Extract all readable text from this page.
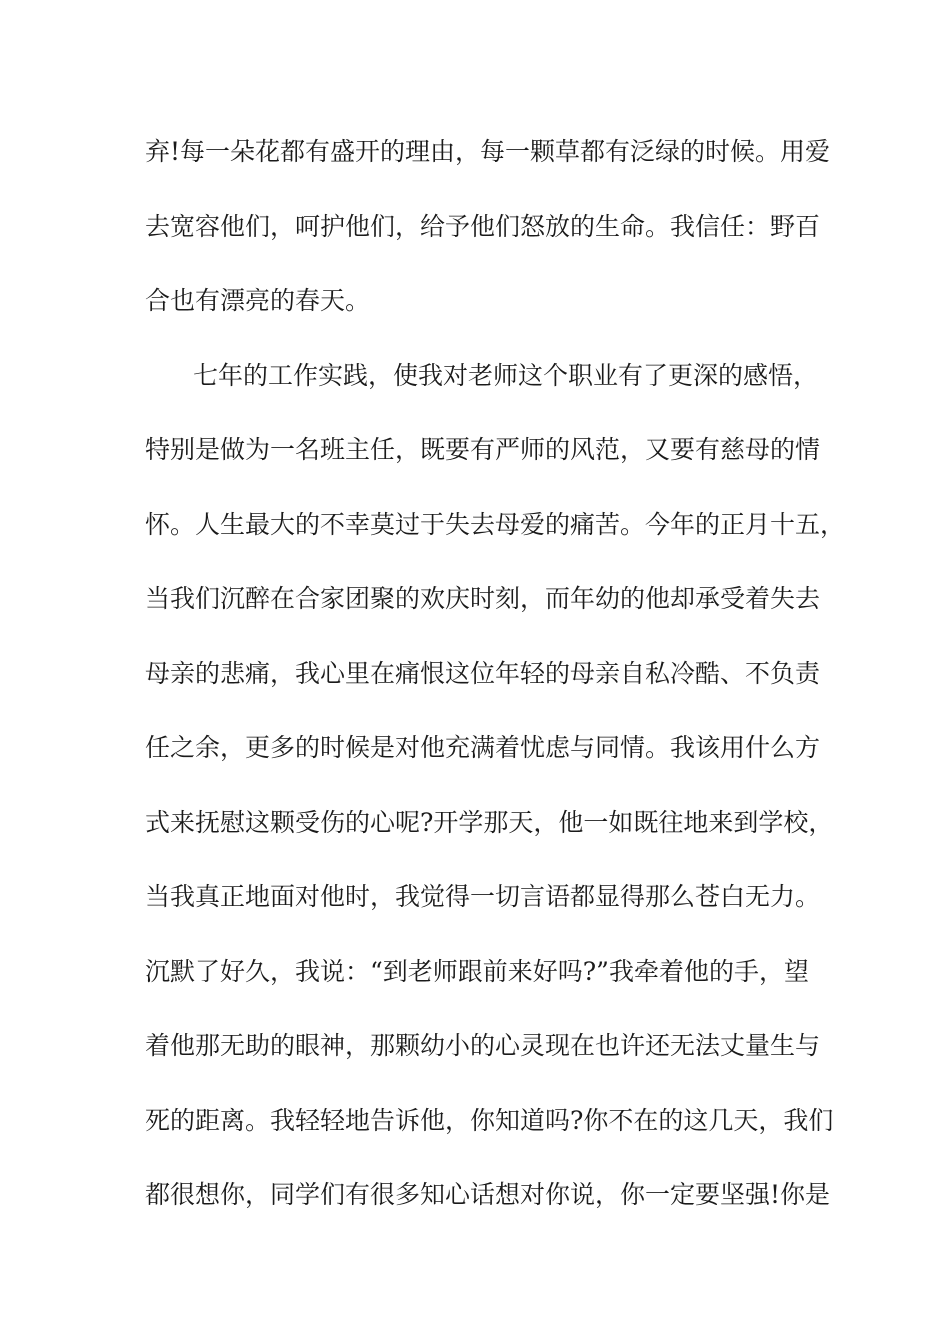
弃!每一朵花都有盛开的理由，每一颗草都有泛绿的时候。用爱
去宽容他们，呵护他们，给予他们怒放的生命。我信任：野百
合也有漂亮的春天。
七年的工作实践，使我对老师这个职业有了更深的感悟，
特别是做为一名班主任，既要有严师的风范，又要有慈母的情
怀。人生最大的不幸莫过于失去母爱的痛苦。今年的正月十五，
当我们沉醉在合家团聚的欢庆时刻，而年幼的他却承受着失去
母亲的悲痛，我心里在痛恨这位年轻的母亲自私冷酷、不负责
任之余，更多的时候是对他充满着忧虑与同情。我该用什么方
式来抚慰这颗受伤的心呢?开学那天，他一如既往地来到学校，
当我真正地面对他时，我觉得一切言语都显得那么苍白无力。
沉默了好久，我说：“到老师跟前来好吗?”我牵着他的手，望
着他那无助的眼神，那颗幼小的心灵现在也许还无法丈量生与
死的距离。我轻轻地告诉他，你知道吗?你不在的这几天，我们
都很想你，同学们有很多知心话想对你说，你一定要坚强!你是
